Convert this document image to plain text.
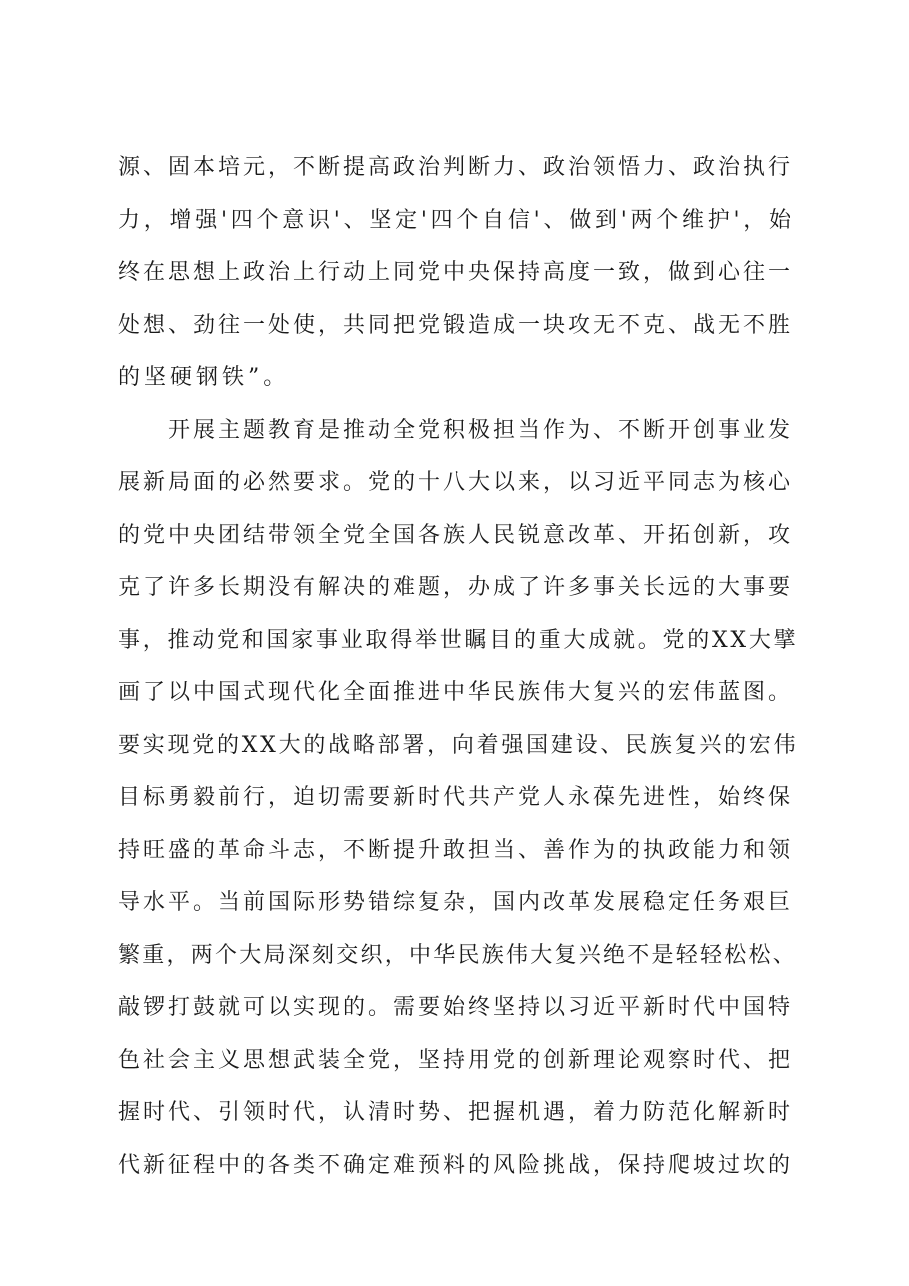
源、固本培元，不断提高政治判断力、政治领悟力、政治执行
力，增强'四个意识'、坚定'四个自信'、做到'两个维护'，始
终在思想上政治上行动上同党中央保持高度一致，做到心往一
处想、劲往一处使，共同把党锻造成一块攻无不克、战无不胜
的坚硬钢铁”。
开展主题教育是推动全党积极担当作为、不断开创事业发
展新局面的必然要求。党的十八大以来，以习近平同志为核心
的党中央团结带领全党全国各族人民锐意改革、开拓创新，攻
克了许多长期没有解决的难题，办成了许多事关长远的大事要
事，推动党和国家事业取得举世瞩目的重大成就。党的XX大擘
画了以中国式现代化全面推进中华民族伟大复兴的宏伟蓝图。
要实现党的XX大的战略部署，向着强国建设、民族复兴的宏伟
目标勇毅前行，迫切需要新时代共产党人永葆先进性，始终保
持旺盛的革命斗志，不断提升敢担当、善作为的执政能力和领
导水平。当前国际形势错综复杂，国内改革发展稳定任务艰巨
繁重，两个大局深刻交织，中华民族伟大复兴绝不是轻轻松松、
敲锣打鼓就可以实现的。需要始终坚持以习近平新时代中国特
色社会主义思想武装全党，坚持用党的创新理论观察时代、把
握时代、引领时代，认清时势、把握机遇，着力防范化解新时
代新征程中的各类不确定难预料的风险挑战，保持爬坡过坎的
